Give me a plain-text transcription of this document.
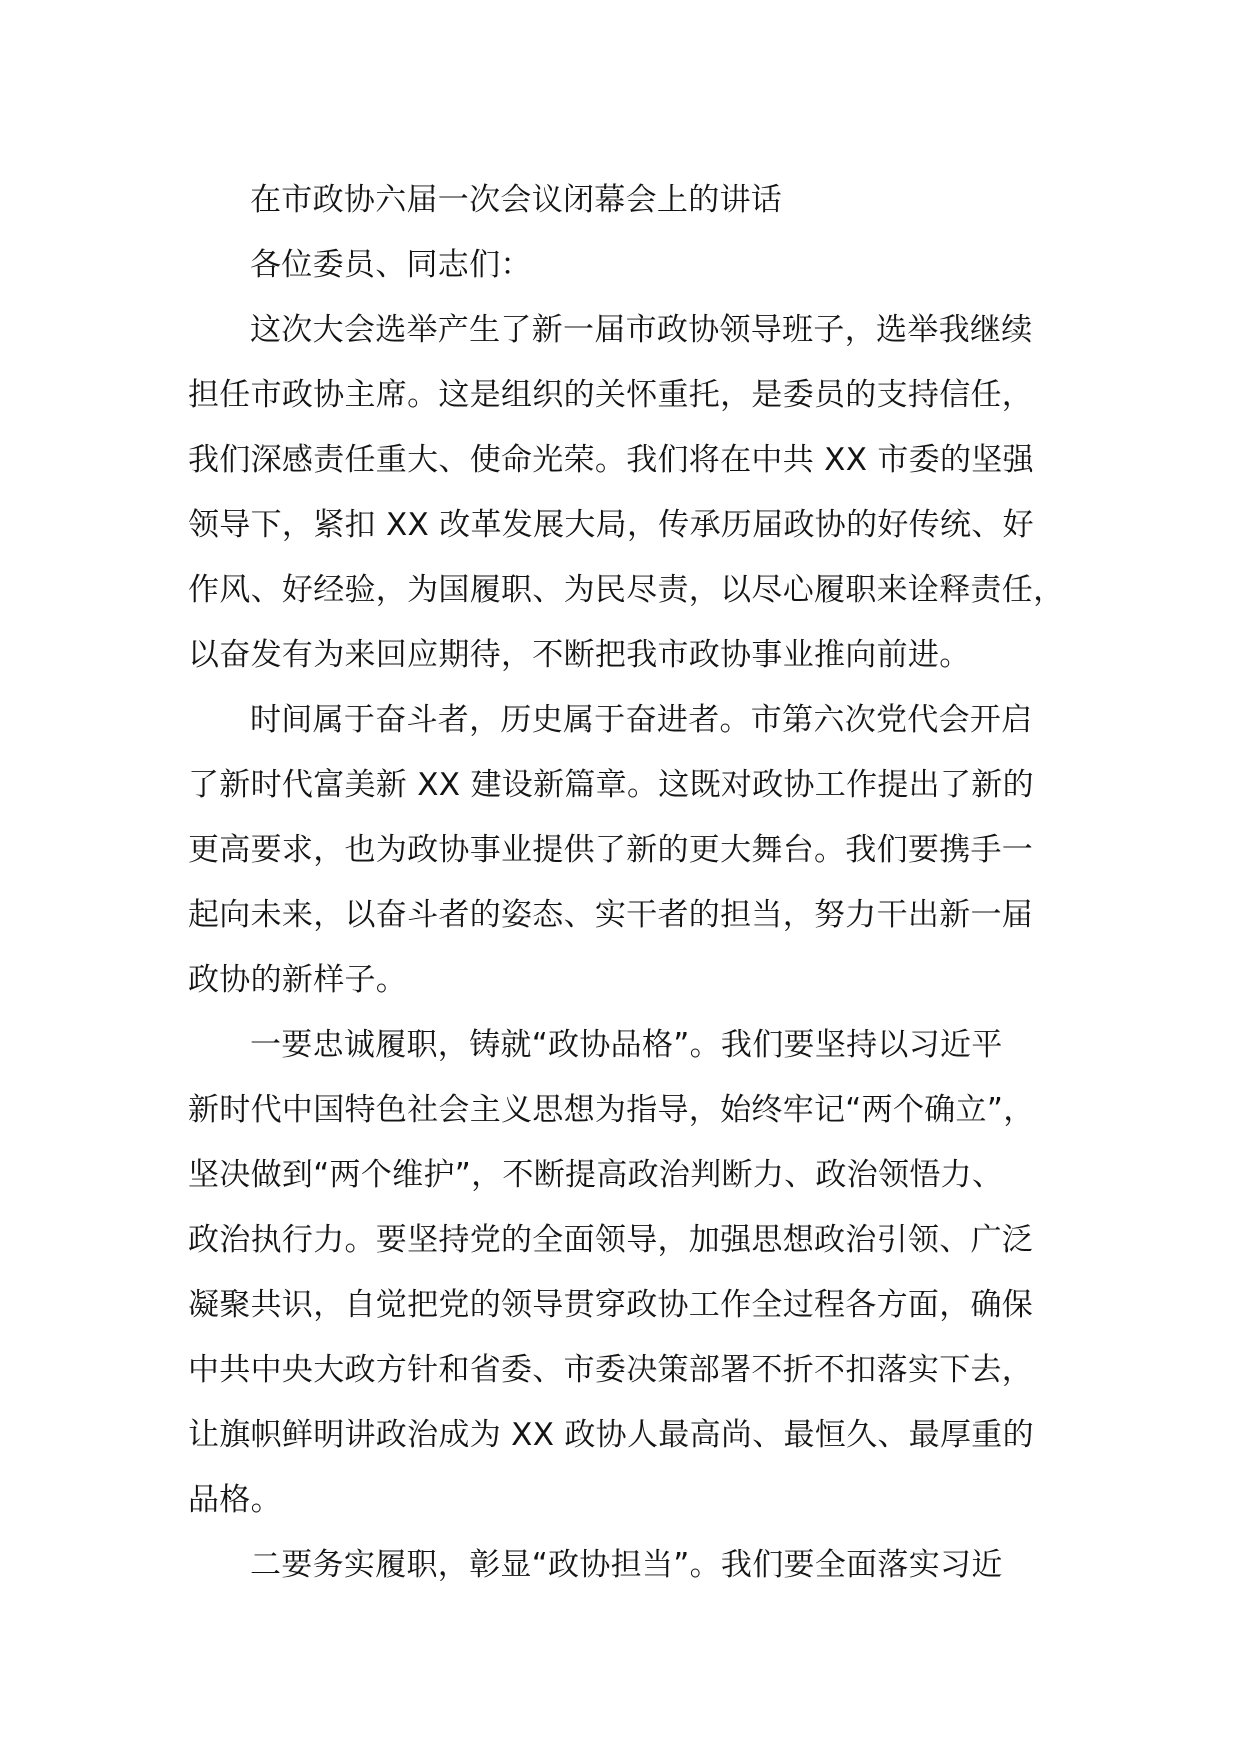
在市政协六届一次会议闭幕会上的讲话
各位委员、同志们：
这次大会选举产生了新一届市政协领导班子，选举我继续
担任市政协主席。这是组织的关怀重托，是委员的支持信任，
我们深感责任重大、使命光荣。我们将在中共 XX 市委的坚强
领导下，紧扣 XX 改革发展大局，传承历届政协的好传统、好
作风、好经验，为国履职、为民尽责，以尽心履职来诠释责任，
以奋发有为来回应期待，不断把我市政协事业推向前进。
时间属于奋斗者，历史属于奋进者。市第六次党代会开启
了新时代富美新 XX 建设新篇章。这既对政协工作提出了新的
更高要求，也为政协事业提供了新的更大舞台。我们要携手一
起向未来，以奋斗者的姿态、实干者的担当，努力干出新一届
政协的新样子。
一要忠诚履职，铸就“政协品格”。我们要坚持以习近平
新时代中国特色社会主义思想为指导，始终牢记“两个确立”，
坚决做到“两个维护”，不断提高政治判断力、政治领悟力、
政治执行力。要坚持党的全面领导，加强思想政治引领、广泛
凝聚共识，自觉把党的领导贯穿政协工作全过程各方面，确保
中共中央大政方针和省委、市委决策部署不折不扣落实下去，
让旗帜鲜明讲政治成为 XX 政协人最高尚、最恒久、最厚重的
品格。
二要务实履职，彰显“政协担当”。我们要全面落实习近
